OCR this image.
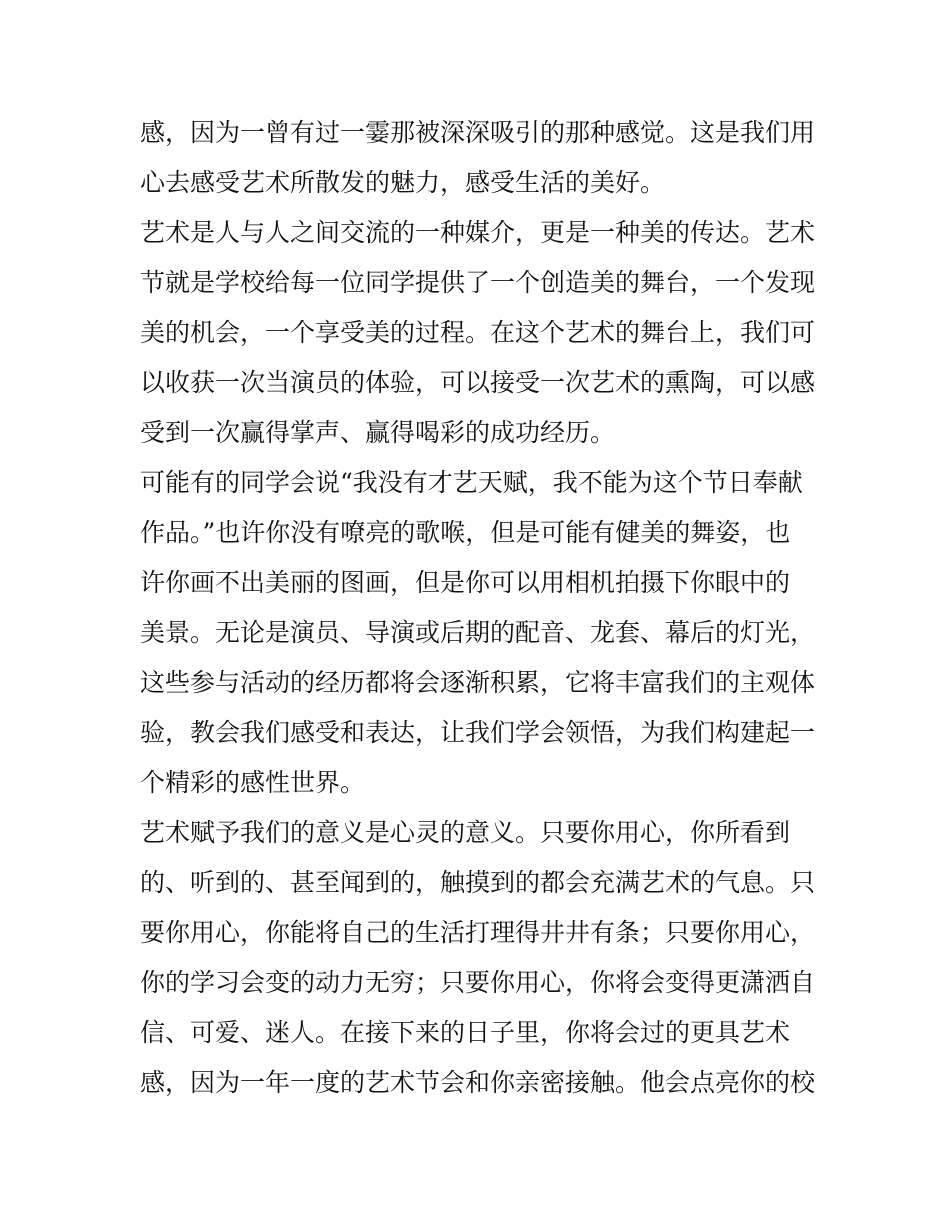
感，因为一曾有过一霎那被深深吸引的那种感觉。这是我们用
心去感受艺术所散发的魅力，感受生活的美好。
艺术是人与人之间交流的一种媒介，更是一种美的传达。艺术
节就是学校给每一位同学提供了一个创造美的舞台，一个发现
美的机会，一个享受美的过程。在这个艺术的舞台上，我们可
以收获一次当演员的体验，可以接受一次艺术的熏陶，可以感
受到一次赢得掌声、赢得喝彩的成功经历。
可能有的同学会说“我没有才艺天赋，我不能为这个节日奉献
作品。”也许你没有嘹亮的歌喉，但是可能有健美的舞姿，也
许你画不出美丽的图画，但是你可以用相机拍摄下你眼中的
美景。无论是演员、导演或后期的配音、龙套、幕后的灯光，
这些参与活动的经历都将会逐渐积累，它将丰富我们的主观体
验，教会我们感受和表达，让我们学会领悟，为我们构建起一
个精彩的感性世界。
艺术赋予我们的意义是心灵的意义。只要你用心，你所看到
的、听到的、甚至闻到的，触摸到的都会充满艺术的气息。只
要你用心，你能将自己的生活打理得井井有条；只要你用心，
你的学习会变的动力无穷；只要你用心，你将会变得更潇洒自
信、可爱、迷人。在接下来的日子里，你将会过的更具艺术
感，因为一年一度的艺术节会和你亲密接触。他会点亮你的校
